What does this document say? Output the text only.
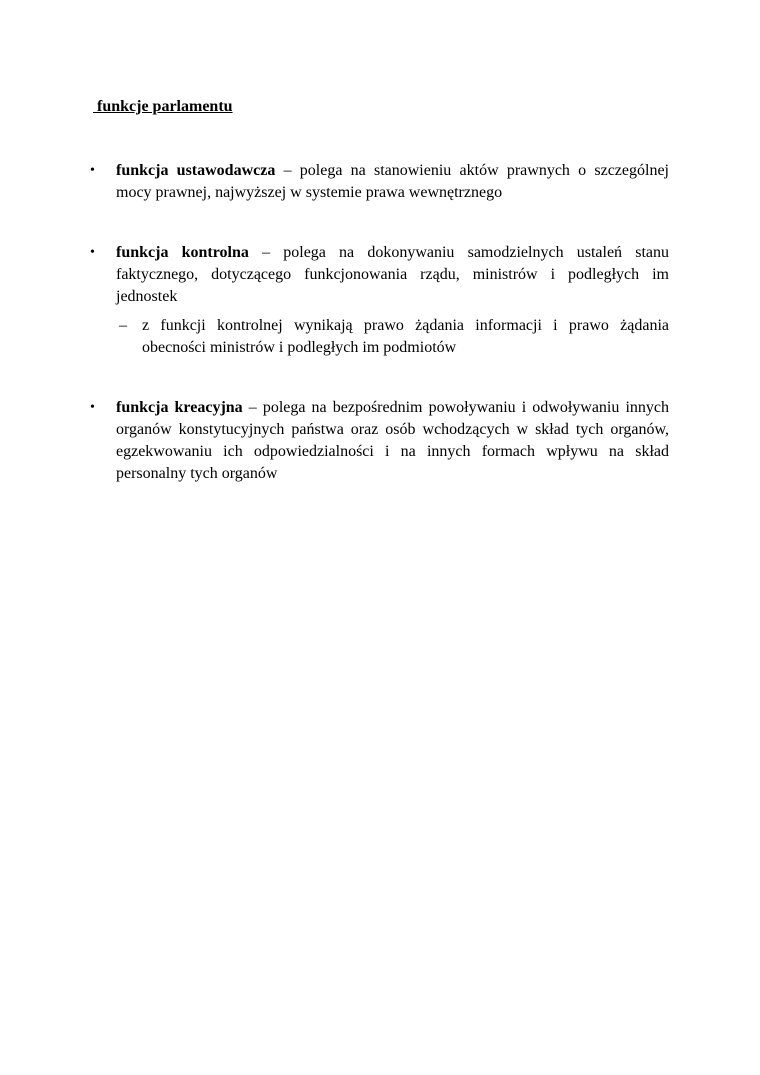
funkcje parlamentu
•	funkcja ustawodawcza – polega na stanowieniu aktów prawnych o szczególnej mocy prawnej, najwyższej w systemie prawa wewnętrznego

•	funkcja kontrolna – polega na dokonywaniu samodzielnych ustaleń stanu faktycznego, dotyczącego funkcjonowania rządu, ministrów i podległych im jednostek

– z funkcji kontrolnej wynikają prawo żądania informacji i prawo żądania obecności ministrów i podległych im podmiotów

•	funkcja kreacyjna – polega na bezpośrednim powoływaniu i odwoływaniu innych organów konstytucyjnych państwa oraz osób wchodzących w skład tych organów, egzekwowaniu ich odpowiedzialności i na innych formach wpływu na skład personalny tych organów
